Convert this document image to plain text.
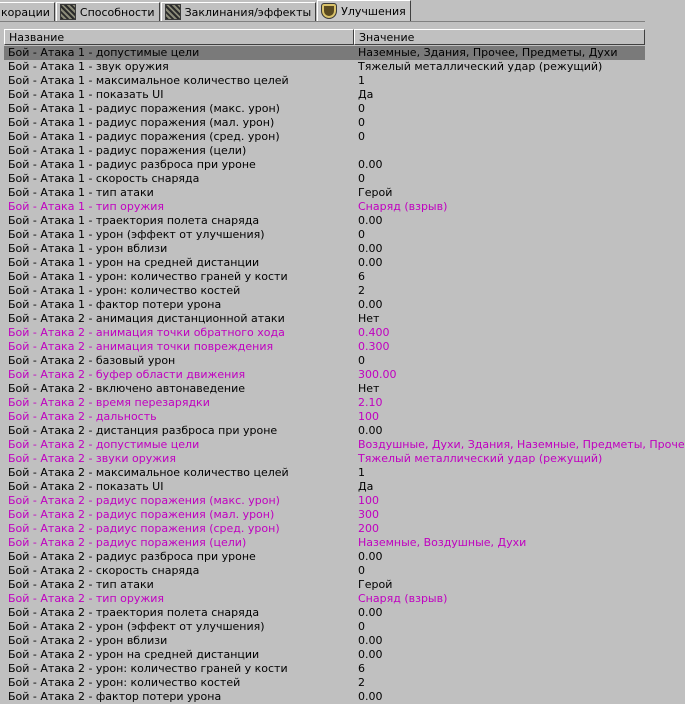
корации	Способности	Заклинания/эффекты	Улучшения
Название	Значение
Бой - Атака 1 - допустимые цели	Наземные, Здания, Прочее, Предметы, Духи
Бой - Атака 1 - звук оружия	Тяжелый металлический удар (режущий)
Бой - Атака 1 - максимальное количество целей	1
Бой - Атака 1 - показать UI	Да
Бой - Атака 1 - радиус поражения (макс. урон)	0
Бой - Атака 1 - радиус поражения (мал. урон)	0
Бой - Атака 1 - радиус поражения (сред. урон)	0
Бой - Атака 1 - радиус поражения (цели)
Бой - Атака 1 - радиус разброса при уроне	0.00
Бой - Атака 1 - скорость снаряда	0
Бой - Атака 1 - тип атаки	Герой
Бой - Атака 1 - тип оружия	Снаряд (взрыв)
Бой - Атака 1 - траектория полета снаряда	0.00
Бой - Атака 1 - урон (эффект от улучшения)	0
Бой - Атака 1 - урон вблизи	0.00
Бой - Атака 1 - урон на средней дистанции	0.00
Бой - Атака 1 - урон: количество граней у кости	6
Бой - Атака 1 - урон: количество костей	2
Бой - Атака 1 - фактор потери урона	0.00
Бой - Атака 2 - анимация дистанционной атаки	Нет
Бой - Атака 2 - анимация точки обратного хода	0.400
Бой - Атака 2 - анимация точки повреждения	0.300
Бой - Атака 2 - базовый урон	0
Бой - Атака 2 - буфер области движения	300.00
Бой - Атака 2 - включено автонаведение	Нет
Бой - Атака 2 - время перезарядки	2.10
Бой - Атака 2 - дальность	100
Бой - Атака 2 - дистанция разброса при уроне	0.00
Бой - Атака 2 - допустимые цели	Воздушные, Духи, Здания, Наземные, Предметы, Проче
Бой - Атака 2 - звуки оружия	Тяжелый металлический удар (режущий)
Бой - Атака 2 - максимальное количество целей	1
Бой - Атака 2 - показать UI	Да
Бой - Атака 2 - радиус поражения (макс. урон)	100
Бой - Атака 2 - радиус поражения (мал. урон)	300
Бой - Атака 2 - радиус поражения (сред. урон)	200
Бой - Атака 2 - радиус поражения (цели)	Наземные, Воздушные, Духи
Бой - Атака 2 - радиус разброса при уроне	0.00
Бой - Атака 2 - скорость снаряда	0
Бой - Атака 2 - тип атаки	Герой
Бой - Атака 2 - тип оружия	Снаряд (взрыв)
Бой - Атака 2 - траектория полета снаряда	0.00
Бой - Атака 2 - урон (эффект от улучшения)	0
Бой - Атака 2 - урон вблизи	0.00
Бой - Атака 2 - урон на средней дистанции	0.00
Бой - Атака 2 - урон: количество граней у кости	6
Бой - Атака 2 - урон: количество костей	2
Бой - Атака 2 - фактор потери урона	0.00
